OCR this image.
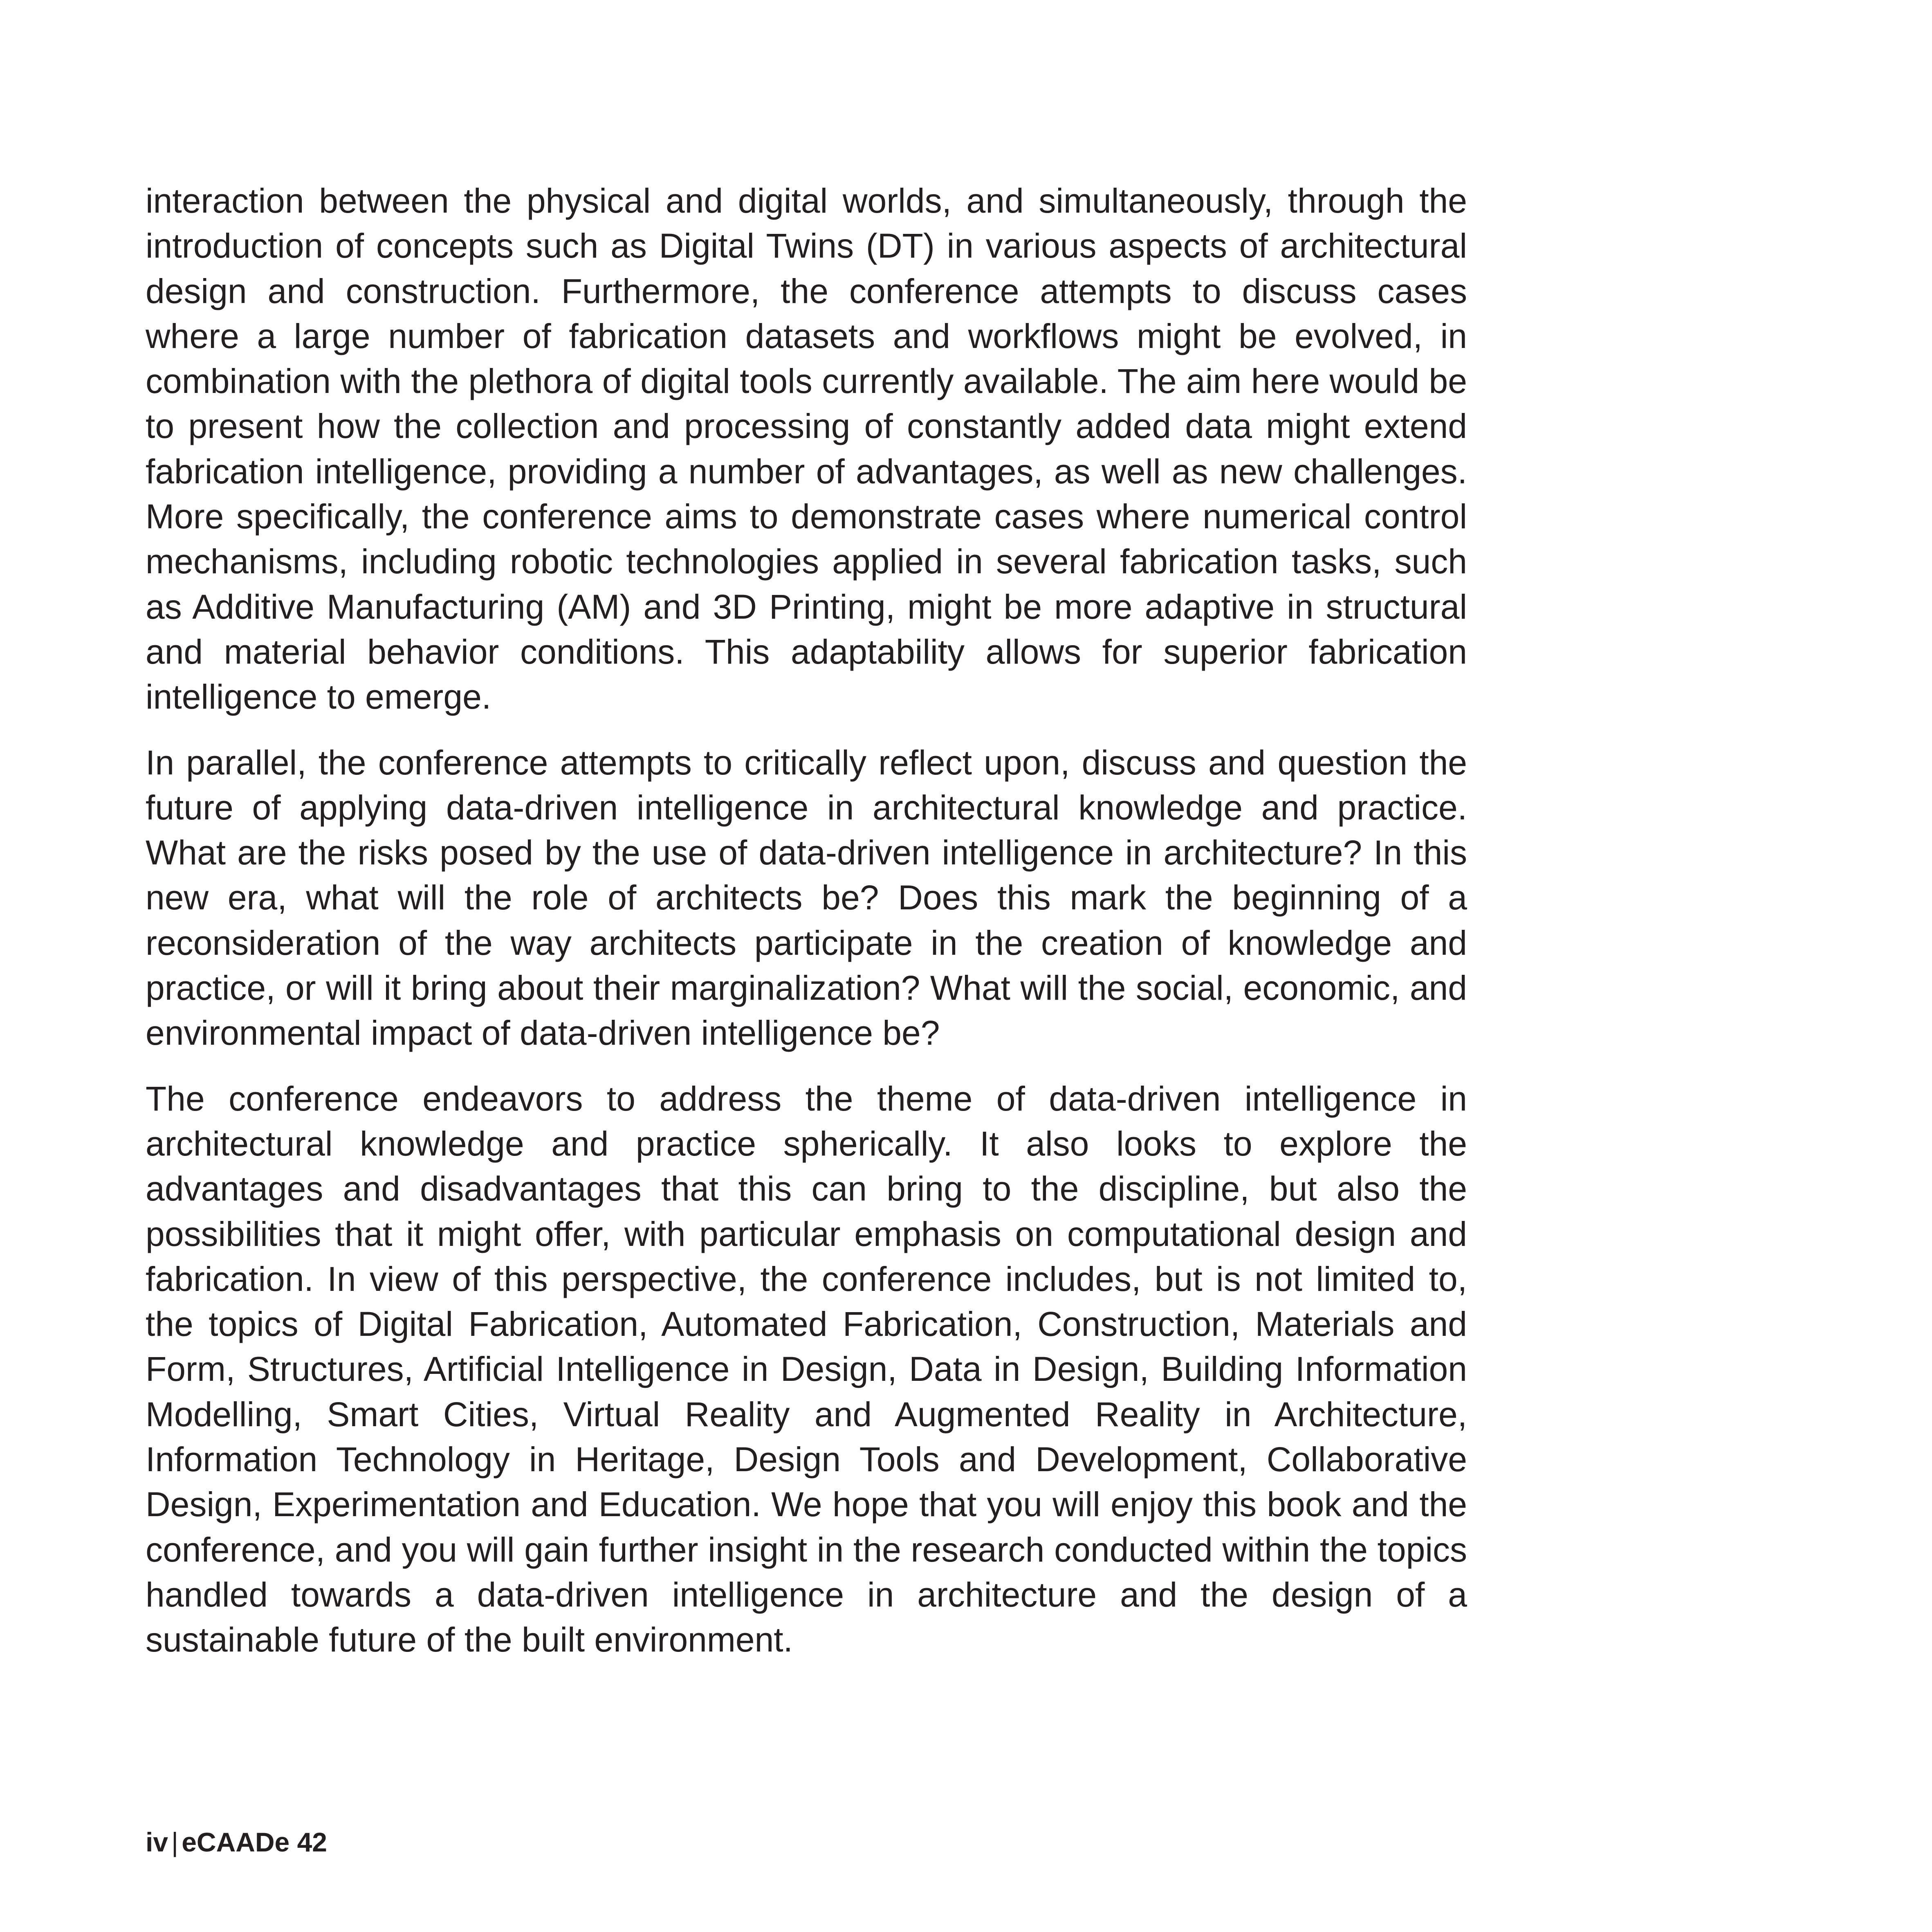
interaction between the physical and digital worlds, and simultaneously, through the introduction of concepts such as Digital Twins (DT) in various aspects of architectural design and construction. Furthermore, the conference attempts to discuss cases where a large number of fabrication datasets and workflows might be evolved, in combination with the plethora of digital tools currently available. The aim here would be to present how the collection and processing of constantly added data might extend fabrication intelligence, providing a number of advantages, as well as new challenges. More specifically, the conference aims to demonstrate cases where numerical control mechanisms, including robotic technologies applied in several fabrication tasks, such as Additive Manufacturing (AM) and 3D Printing, might be more adaptive in structural and material behavior conditions. This adaptability allows for superior fabrication intelligence to emerge.

In parallel, the conference attempts to critically reflect upon, discuss and question the future of applying data-driven intelligence in architectural knowledge and practice. What are the risks posed by the use of data-driven intelligence in architecture? In this new era, what will the role of architects be? Does this mark the beginning of a reconsideration of the way architects participate in the creation of knowledge and practice, or will it bring about their marginalization? What will the social, economic, and environmental impact of data-driven intelligence be?

The conference endeavors to address the theme of data-driven intelligence in architectural knowledge and practice spherically. It also looks to explore the advantages and disadvantages that this can bring to the discipline, but also the possibilities that it might offer, with particular emphasis on computational design and fabrication. In view of this perspective, the conference includes, but is not limited to, the topics of Digital Fabrication, Automated Fabrication, Construction, Materials and Form, Structures, Artificial Intelligence in Design, Data in Design, Building Information Modelling, Smart Cities, Virtual Reality and Augmented Reality in Architecture, Information Technology in Heritage, Design Tools and Development, Collaborative Design, Experimentation and Education. We hope that you will enjoy this book and the conference, and you will gain further insight in the research conducted within the topics handled towards a data-driven intelligence in architecture and the design of a sustainable future of the built environment.

iv | eCAADe 42
